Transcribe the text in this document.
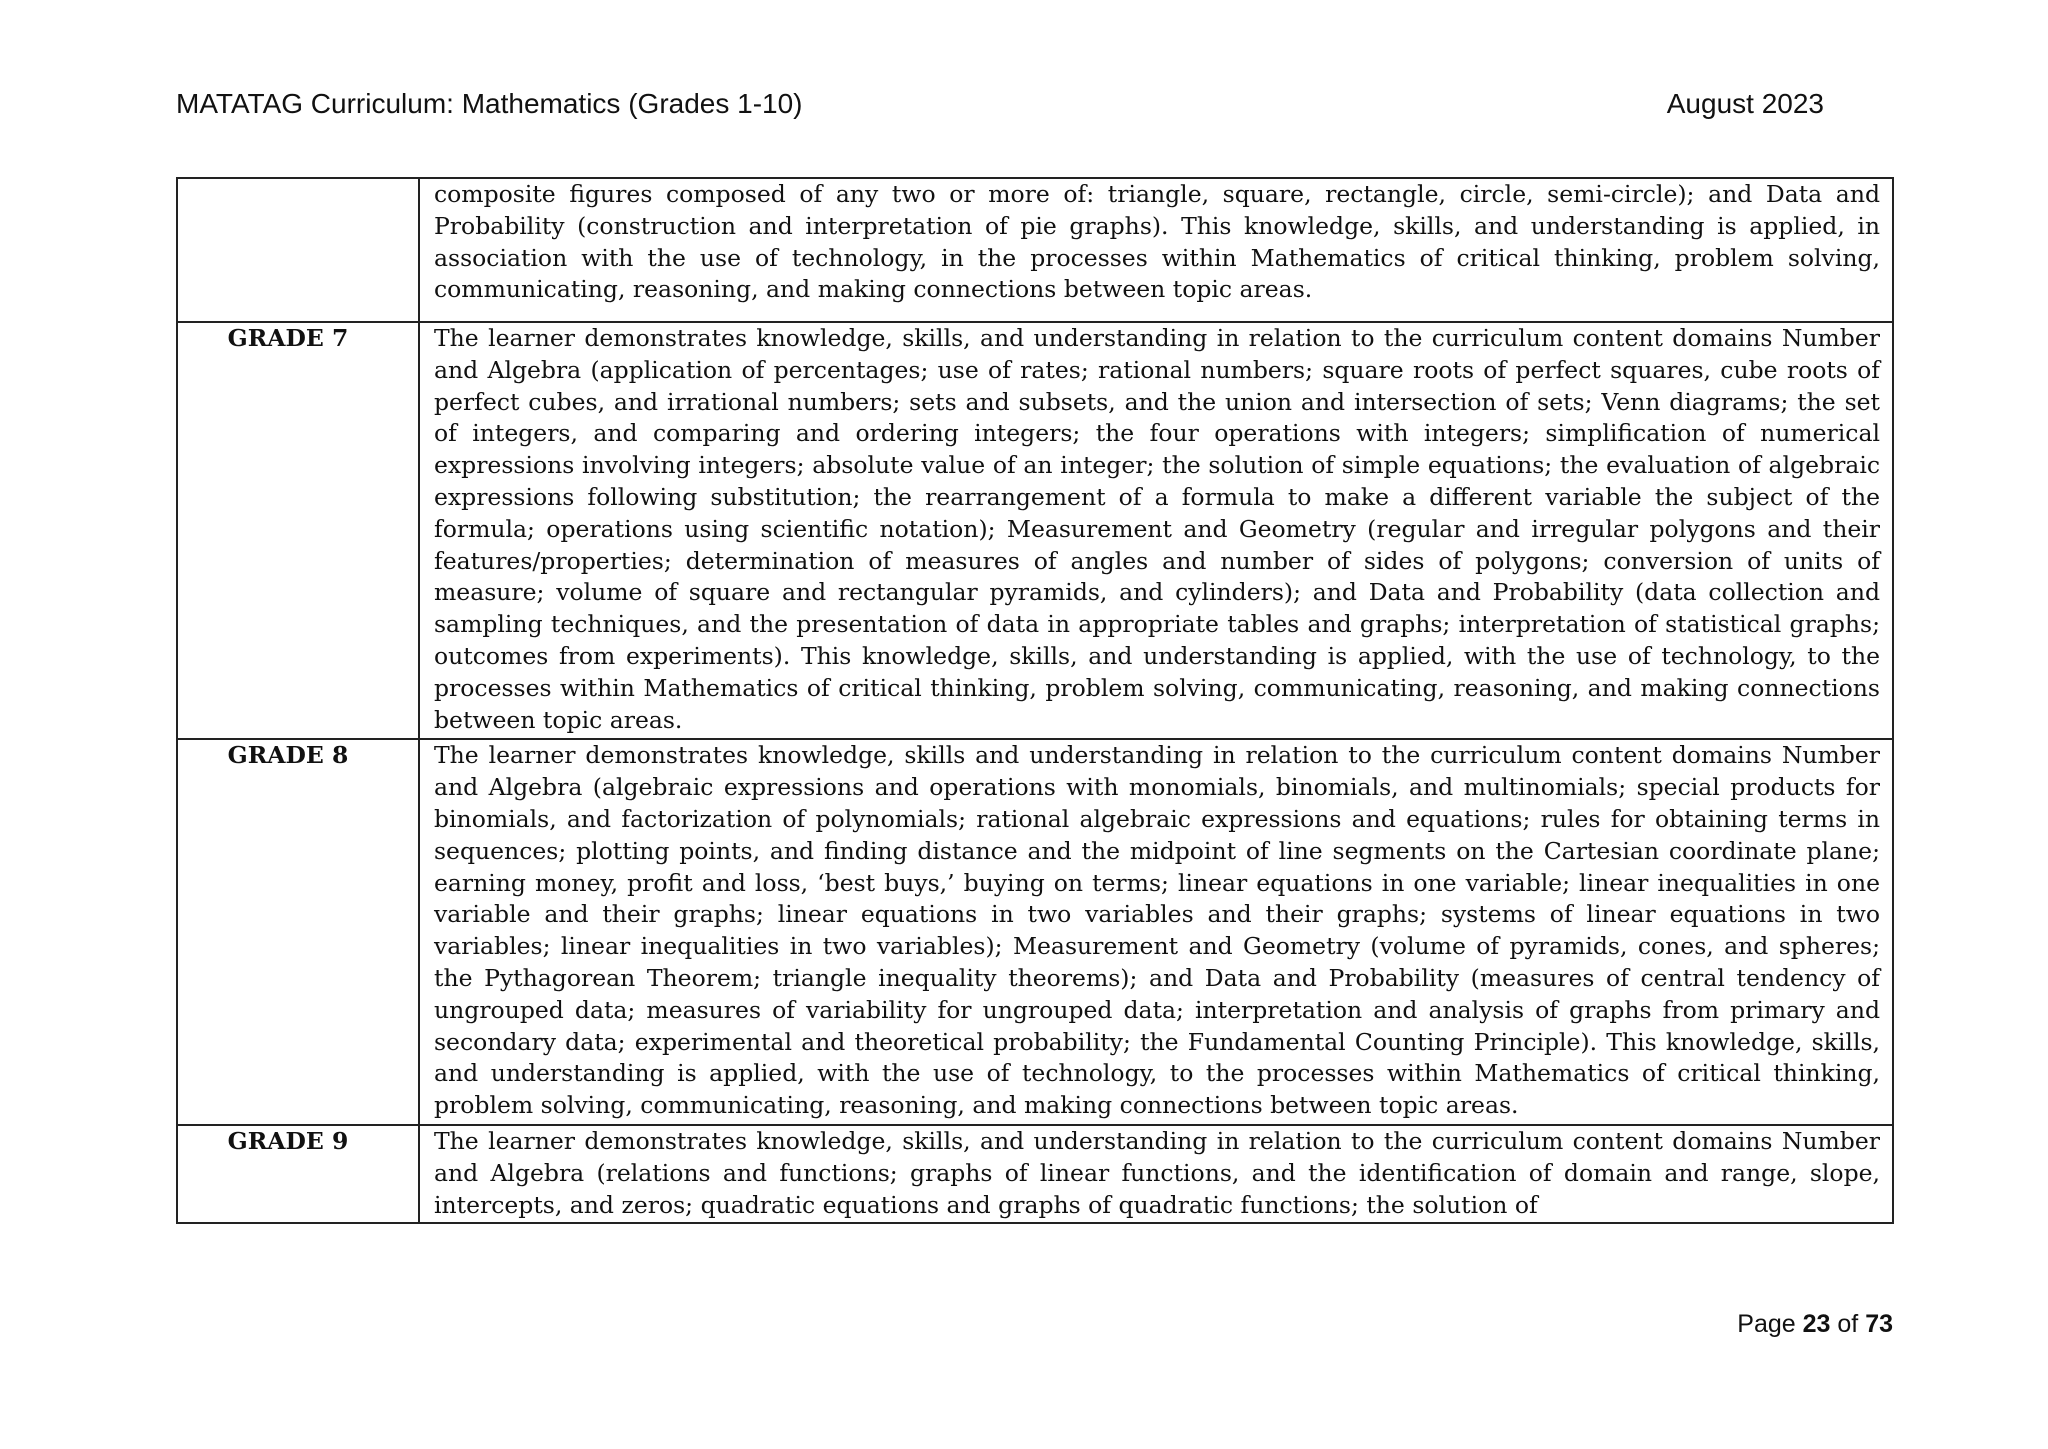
MATATAG Curriculum: Mathematics (Grades 1-10)	August 2023
	composite figures composed of any two or more of: triangle, square, rectangle, circle, semi-circle); and Data and Probability (construction and interpretation of pie graphs). This knowledge, skills, and understanding is applied, in association with the use of technology, in the processes within Mathematics of critical thinking, problem solving, communicating, reasoning, and making connections between topic areas.
GRADE 7	The learner demonstrates knowledge, skills, and understanding in relation to the curriculum content domains Number and Algebra (application of percentages; use of rates; rational numbers; square roots of perfect squares, cube roots of perfect cubes, and irrational numbers; sets and subsets, and the union and intersection of sets; Venn diagrams; the set of integers, and comparing and ordering integers; the four operations with integers; simplification of numerical expressions involving integers; absolute value of an integer; the solution of simple equations; the evaluation of algebraic expressions following substitution; the rearrangement of a formula to make a different variable the subject of the formula; operations using scientific notation); Measurement and Geometry (regular and irregular polygons and their features/properties; determination of measures of angles and number of sides of polygons; conversion of units of measure; volume of square and rectangular pyramids, and cylinders); and Data and Probability (data collection and sampling techniques, and the presentation of data in appropriate tables and graphs; interpretation of statistical graphs; outcomes from experiments). This knowledge, skills, and understanding is applied, with the use of technology, to the processes within Mathematics of critical thinking, problem solving, communicating, reasoning, and making connections between topic areas.
GRADE 8	The learner demonstrates knowledge, skills and understanding in relation to the curriculum content domains Number and Algebra (algebraic expressions and operations with monomials, binomials, and multinomials; special products for binomials, and factorization of polynomials; rational algebraic expressions and equations; rules for obtaining terms in sequences; plotting points, and finding distance and the midpoint of line segments on the Cartesian coordinate plane; earning money, profit and loss, ‘best buys,’ buying on terms; linear equations in one variable; linear inequalities in one variable and their graphs; linear equations in two variables and their graphs; systems of linear equations in two variables; linear inequalities in two variables); Measurement and Geometry (volume of pyramids, cones, and spheres; the Pythagorean Theorem; triangle inequality theorems); and Data and Probability (measures of central tendency of ungrouped data; measures of variability for ungrouped data; interpretation and analysis of graphs from primary and secondary data; experimental and theoretical probability; the Fundamental Counting Principle). This knowledge, skills, and understanding is applied, with the use of technology, to the processes within Mathematics of critical thinking, problem solving, communicating, reasoning, and making connections between topic areas.
GRADE 9	The learner demonstrates knowledge, skills, and understanding in relation to the curriculum content domains Number and Algebra (relations and functions; graphs of linear functions, and the identification of domain and range, slope, intercepts, and zeros; quadratic equations and graphs of quadratic functions; the solution of
Page 23 of 73
